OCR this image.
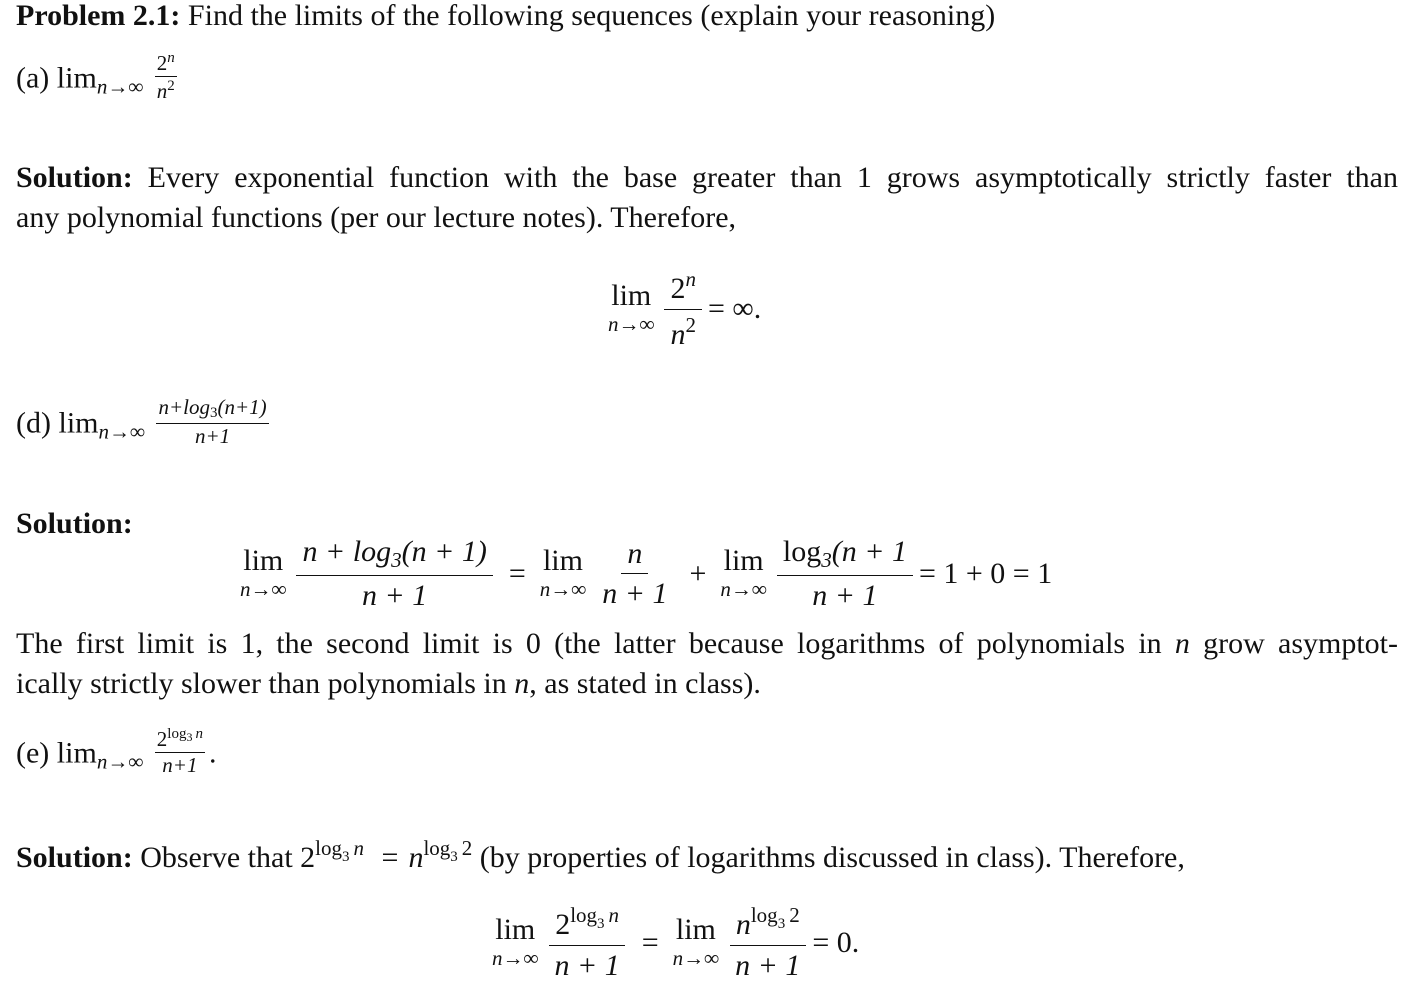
Problem 2.1: Find the limits of the following sequences (explain your reasoning)
(a) $\lim_{n\to\infty} \frac{2^n}{n^2}$
Solution: Every exponential function with the base greater than 1 grows asymptotically strictly faster than
any polynomial functions (per our lecture notes). Therefore,
lim
$n\to\infty \frac{2^n}{n^2}$ = ∞.
(d) $\lim_{n\to\infty} \frac{n+\log 3(n+1)}{n+1}$
Solution:
lim
$n\to\infty \frac{n + \log_3(n + 1)}{n + 1} = \lim$
$n\to\infty \frac{n}{n + 1} + \lim$
$n\to\infty \frac{\log_3(n + 1}{n + 1} = 1 + 0 = 1$
The first limit is 1, the second limit is 0 (the latter because logarithms of polynomials in n grow asymptot-
ically strictly slower than polynomials in n, as stated in class).
(e) $\lim_{n\to\infty} \frac{2^{log3} ^n}{n+1}$ .
Solution: Observe that $2^{log3}$ $^n = n^{log3}$ $^2$ (by properties of logarithms discussed in class). Therefore,
lim
$n\to\infty \frac{2^{log3} ^n}{n + 1} = \lim$
$n\to\infty \frac{n^{log3} ^2}{n + 1} = 0$.
